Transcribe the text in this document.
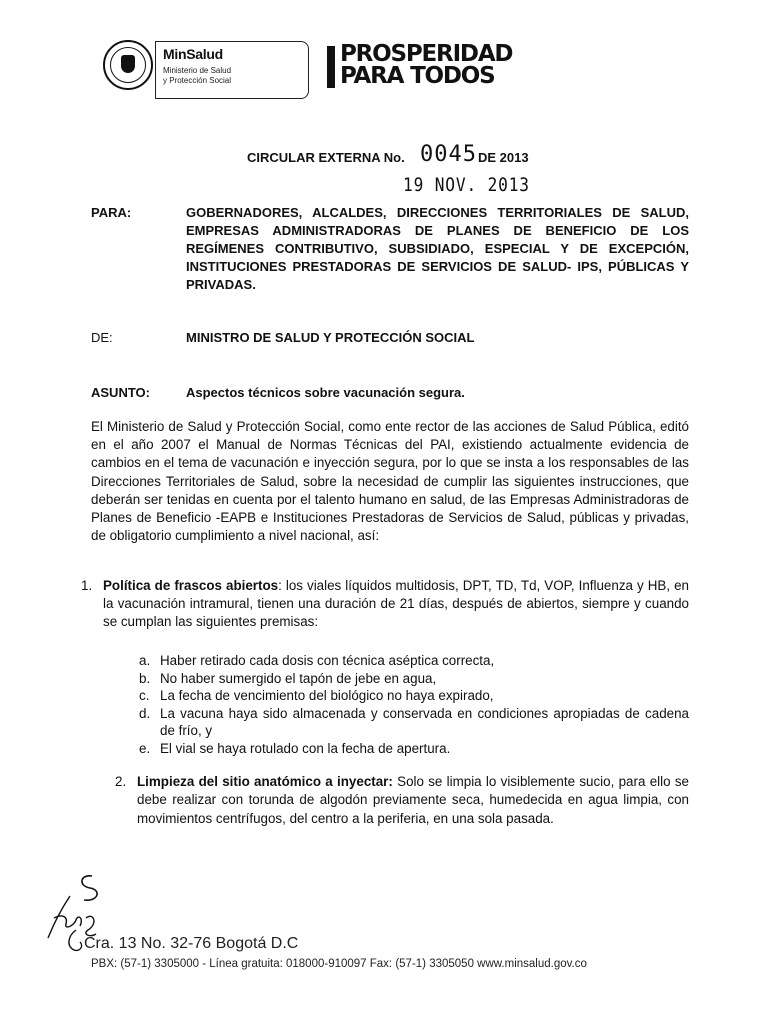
MinSalud
Ministerio de Salud
y Protección Social
PROSPERIDAD
PARA TODOS
CIRCULAR EXTERNA No. 0045 DE 2013
19 NOV. 2013
PARA:	GOBERNADORES, ALCALDES, DIRECCIONES TERRITORIALES DE SALUD, EMPRESAS ADMINISTRADORAS DE PLANES DE BENEFICIO DE LOS REGÍMENES CONTRIBUTIVO, SUBSIDIADO, ESPECIAL Y DE EXCEPCIÓN, INSTITUCIONES PRESTADORAS DE SERVICIOS DE SALUD- IPS, PÚBLICAS Y PRIVADAS.
DE:	MINISTRO DE SALUD Y PROTECCIÓN SOCIAL
ASUNTO:	Aspectos técnicos sobre vacunación segura.
El Ministerio de Salud y Protección Social, como ente rector de las acciones de Salud Pública, editó en el año 2007 el Manual de Normas Técnicas del PAI, existiendo actualmente evidencia de cambios en el tema de vacunación e inyección segura, por lo que se insta a los responsables de las Direcciones Territoriales de Salud, sobre la necesidad de cumplir las siguientes instrucciones, que deberán ser tenidas en cuenta por el talento humano en salud, de las Empresas Administradoras de Planes de Beneficio -EAPB e Instituciones Prestadoras de Servicios de Salud, públicas y privadas, de obligatorio cumplimiento a nivel nacional, así:
1. Política de frascos abiertos: los viales líquidos multidosis, DPT, TD, Td, VOP, Influenza y HB, en la vacunación intramural, tienen una duración de 21 días, después de abiertos, siempre y cuando se cumplan las siguientes premisas:
a. Haber retirado cada dosis con técnica aséptica correcta,
b. No haber sumergido el tapón de jebe en agua,
c. La fecha de vencimiento del biológico no haya expirado,
d. La vacuna haya sido almacenada y conservada en condiciones apropiadas de cadena de frío, y
e. El vial se haya rotulado con la fecha de apertura.
2. Limpieza del sitio anatómico a inyectar: Solo se limpia lo visiblemente sucio, para ello se debe realizar con torunda de algodón previamente seca, humedecida en agua limpia, con movimientos centrífugos, del centro a la periferia, en una sola pasada.
Cra. 13 No. 32-76 Bogotá D.C
PBX: (57-1) 3305000 - Línea gratuita: 018000-910097 Fax: (57-1) 3305050 www.minsalud.gov.co
